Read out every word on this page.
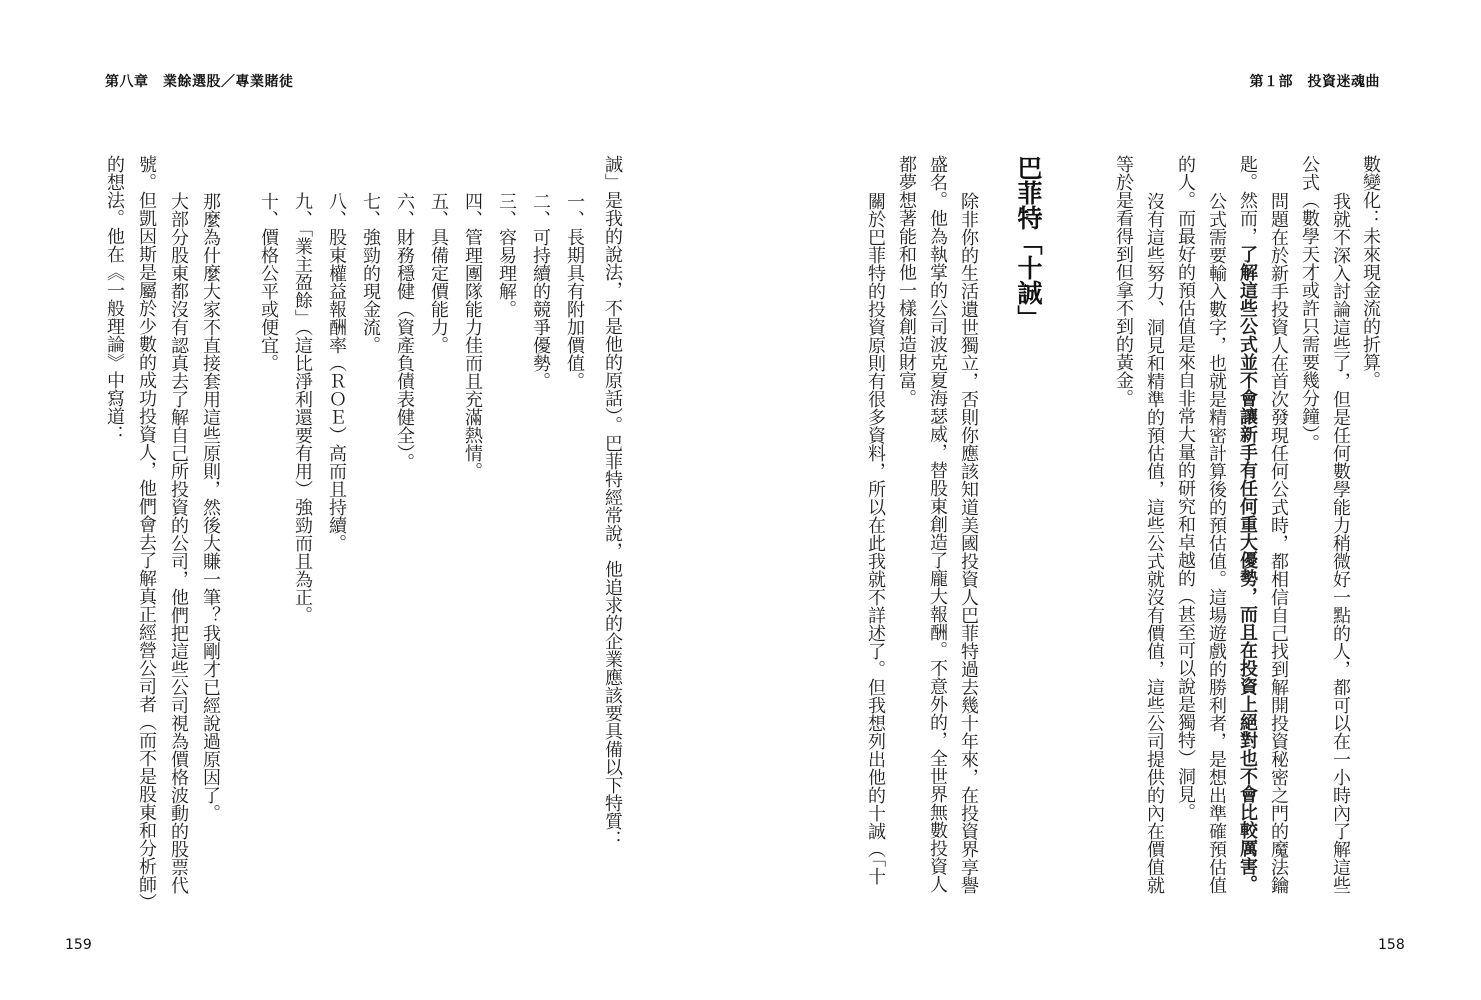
第八章　業餘選股／專業賭徒
誠」是我的說法，不是他的原話）。巴菲特經常說，他追求的企業應該要具備以下特質：
一、長期具有附加價值。
二、可持續的競爭優勢。
三、容易理解。
四、管理團隊能力佳而且充滿熱情。
五、具備定價能力。
六、財務穩健（資產負債表健全）。
七、強勁的現金流。
八、股東權益報酬率（ＲＯＥ）高而且持續。
九、「業主盈餘」（這比淨利還要有用）強勁而且為正。
十、價格公平或便宜。
那麼為什麼大家不直接套用這些原則，然後大賺一筆？我剛才已經說過原因了。
大部分股東都沒有認真去了解自己所投資的公司，他們把這些公司視為價格波動的股票代
號。但凱因斯是屬於少數的成功投資人，他們會去了解真正經營公司者（而不是股東和分析師）
的想法。他在《一般理論》中寫道：
159
第１部　投資迷魂曲
數變化：未來現金流的折算。
我就不深入討論這些了，但是任何數學能力稍微好一點的人，都可以在一小時內了解這些
公式（數學天才或許只需要幾分鐘）。
問題在於新手投資人在首次發現任何公式時，都相信自己找到解開投資秘密之門的魔法鑰
匙。然而，了解這些公式並不會讓新手有任何重大優勢，而且在投資上絕對也不會比較厲害。
公式需要輸入數字，也就是精密計算後的預估值。這場遊戲的勝利者，是想出準確預估值
的人。而最好的預估值是來自非常大量的研究和卓越的（甚至可以說是獨特）洞見。
沒有這些努力、洞見和精準的預估值，這些公式就沒有價值，這些公司提供的內在價值就
等於是看得到但拿不到的黃金。
巴菲特「十誠」
除非你的生活遺世獨立，否則你應該知道美國投資人巴菲特過去幾十年來，在投資界享譽
盛名。他為執掌的公司波克夏海瑟威，替股東創造了龐大報酬。不意外的，全世界無數投資人
都夢想著能和他一樣創造財富。
關於巴菲特的投資原則有很多資料，所以在此我就不詳述了。但我想列出他的十誠（「十
158
